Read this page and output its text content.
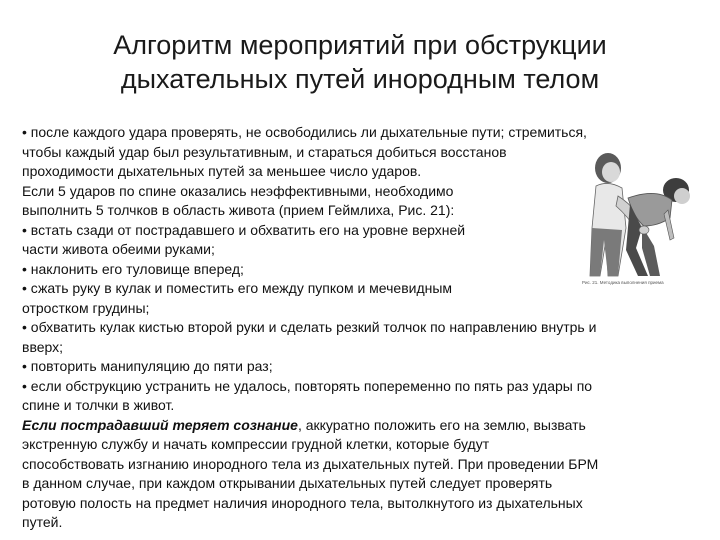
Алгоритм мероприятий при обструкции
дыхательных путей инородным телом
Рис. 21. Методика выполнения приема
• после каждого удара проверять, не освободились ли дыхательные пути; стремиться,
чтобы каждый удар был результативным, и стараться добиться восстанов
проходимости дыхательных путей за меньшее число ударов.
Если 5 ударов по спине оказались неэффективными, необходимо
выполнить 5 толчков в область живота (прием Геймлиха, Рис. 21):
• встать сзади от пострадавшего и обхватить его на уровне верхней
части живота обеими руками;
• наклонить его туловище вперед;
• сжать руку в кулак и поместить его между пупком и мечевидным
отростком грудины;
• обхватить кулак кистью второй руки и сделать резкий толчок по направлению внутрь и
вверх;
• повторить манипуляцию до пяти раз;
• если обструкцию устранить не удалось, повторять попеременно по пять раз удары по
спине и толчки в живот.
Если пострадавший теряет сознание, аккуратно положить его на землю, вызвать
экстренную службу и начать компрессии грудной клетки, которые будут
способствовать изгнанию инородного тела из дыхательных путей. При проведении БРМ
в данном случае, при каждом открывании дыхательных путей следует проверять
ротовую полость на предмет наличия инородного тела, вытолкнутого из дыхательных
путей.
